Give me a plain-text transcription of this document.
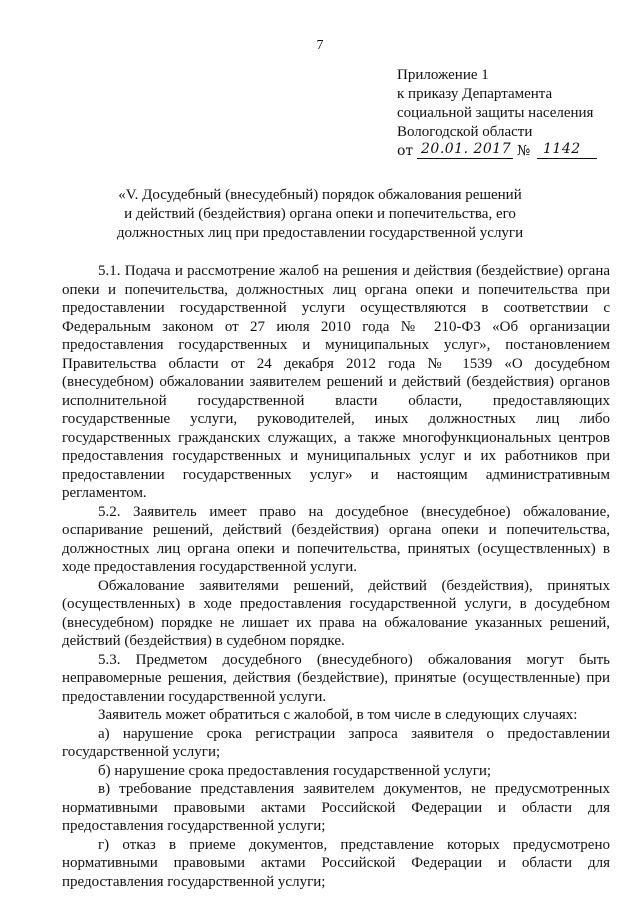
7
Приложение 1
к приказу Департамента
социальной защиты населения
Вологодской области
от 20.01. 2017 № 1142
«V. Досудебный (внесудебный) порядок обжалования решений
и действий (бездействия) органа опеки и попечительства, его
должностных лиц при предоставлении государственной услуги

5.1. Подача и рассмотрение жалоб на решения и действия (бездействие) органа опеки и попечительства, должностных лиц органа опеки и попечительства при предоставлении государственной услуги осуществляются в соответствии с Федеральным законом от 27 июля 2010 года № 210-ФЗ «Об организации предоставления государственных и муниципальных услуг», постановлением Правительства области от 24 декабря 2012 года № 1539 «О досудебном (внесудебном) обжаловании заявителем решений и действий (бездействия) органов исполнительной государственной власти области, предоставляющих государственные услуги, руководителей, иных должностных лиц либо государственных гражданских служащих, а также многофункциональных центров предоставления государственных и муниципальных услуг и их работников при предоставлении государственных услуг» и настоящим административным регламентом.

5.2. Заявитель имеет право на досудебное (внесудебное) обжалование, оспаривание решений, действий (бездействия) органа опеки и попечительства, должностных лиц органа опеки и попечительства, принятых (осуществленных) в ходе предоставления государственной услуги.

Обжалование заявителями решений, действий (бездействия), принятых (осуществленных) в ходе предоставления государственной услуги, в досудебном (внесудебном) порядке не лишает их права на обжалование указанных решений, действий (бездействия) в судебном порядке.

5.3. Предметом досудебного (внесудебного) обжалования могут быть неправомерные решения, действия (бездействие), принятые (осуществленные) при предоставлении государственной услуги.

Заявитель может обратиться с жалобой, в том числе в следующих случаях:

а) нарушение срока регистрации запроса заявителя о предоставлении государственной услуги;

б) нарушение срока предоставления государственной услуги;

в) требование представления заявителем документов, не предусмотренных нормативными правовыми актами Российской Федерации и области для предоставления государственной услуги;

г) отказ в приеме документов, представление которых предусмотрено нормативными правовыми актами Российской Федерации и области для предоставления государственной услуги;
